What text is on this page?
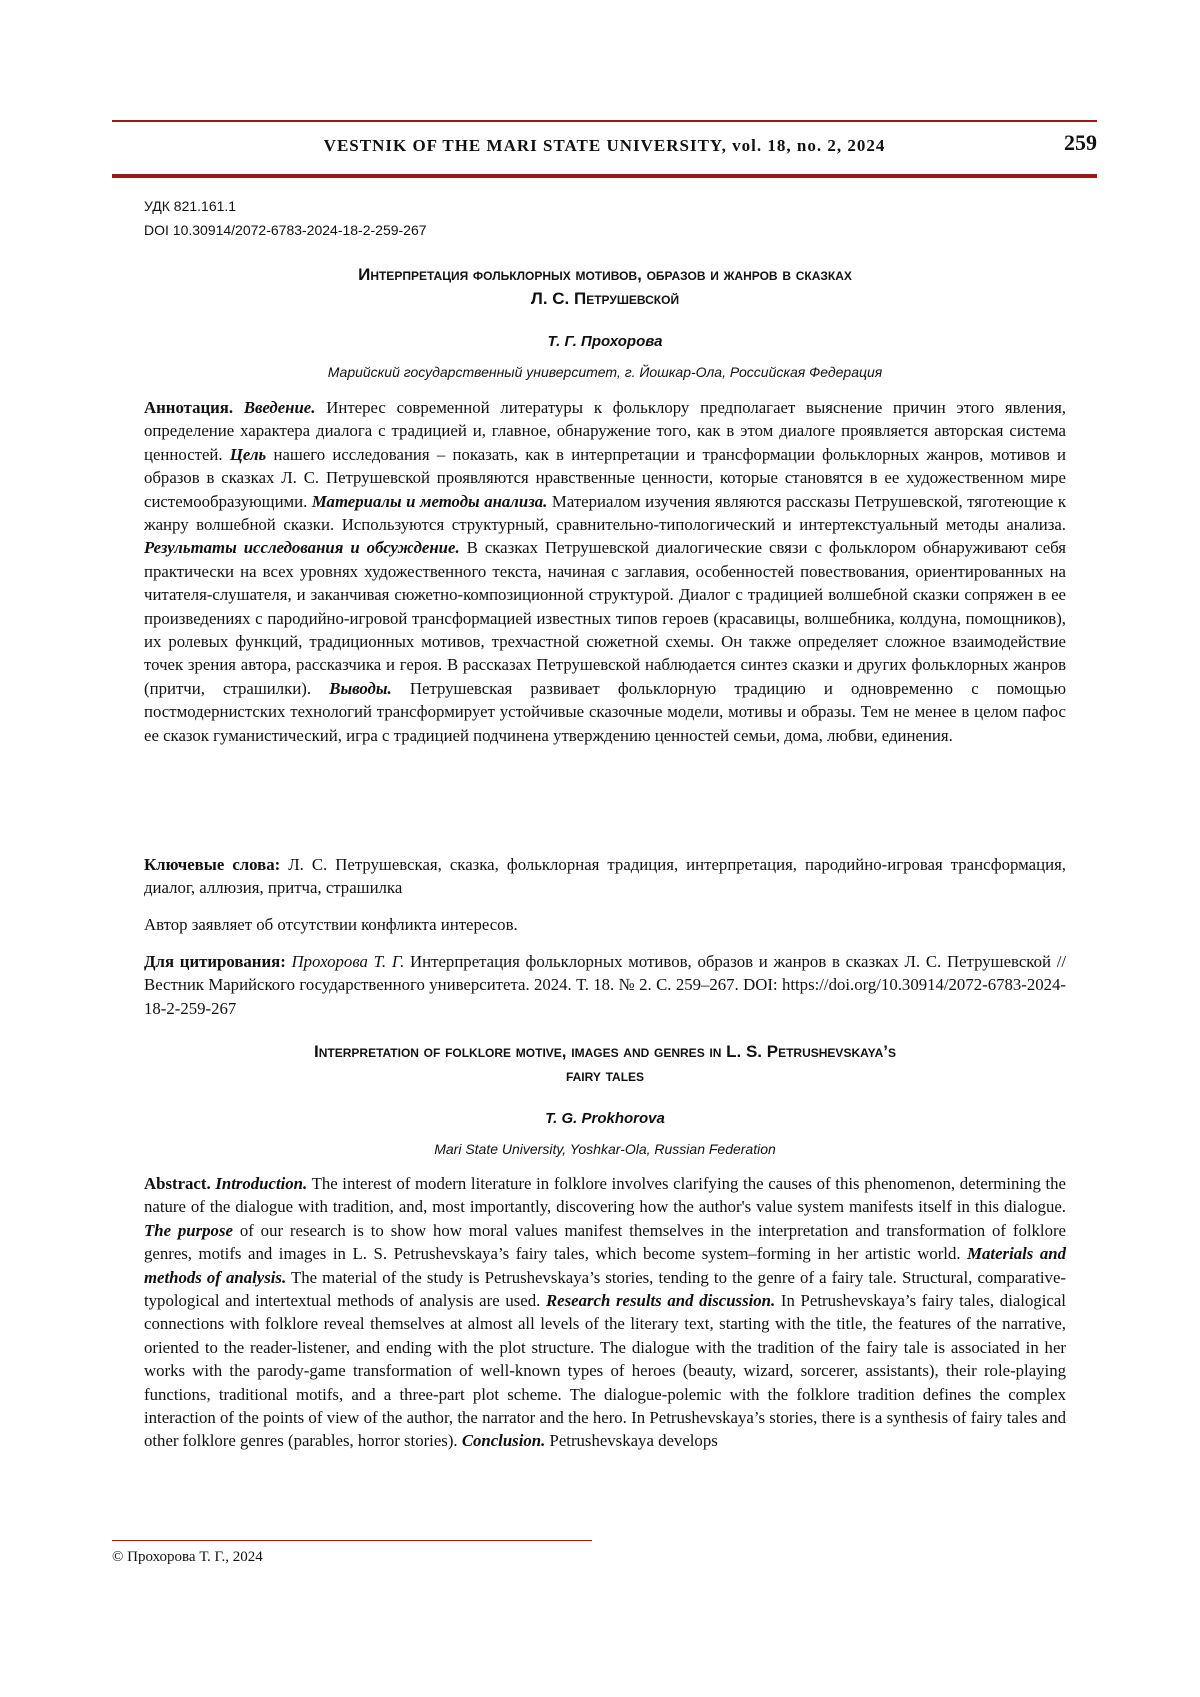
VESTNIK OF THE MARI STATE UNIVERSITY, vol. 18, no. 2, 2024	259
УДК 821.161.1
DOI 10.30914/2072-6783-2024-18-2-259-267
Интерпретация фольклорных мотивов, образов и жанров в сказках
Л. С. Петрушевской
Т. Г. Прохорова
Марийский государственный университет, г. Йошкар-Ола, Российская Федерация

Аннотация. Введение. Интерес современной литературы к фольклору предполагает выяснение причин этого явления, определение характера диалога с традицией и, главное, обнаружение того, как в этом диалоге проявляется авторская система ценностей. Цель нашего исследования – показать, как в интерпретации и трансформации фольклорных жанров, мотивов и образов в сказках Л. С. Петрушевской проявляются нравственные ценности, которые становятся в ее художественном мире системообразующими. Материалы и методы анализа. Материалом изучения являются рассказы Петрушевской, тяготеющие к жанру волшебной сказки. Используются структурный, сравнительно-типологический и интертекстуальный методы анализа. Результаты исследования и обсуждение. В сказках Петрушевской диалогические связи с фольклором обнаруживают себя практически на всех уровнях художественного текста, начиная с заглавия, особенностей повествования, ориентированных на читателя-слушателя, и заканчивая сюжетно-композиционной структурой. Диалог с традицией волшебной сказки сопряжен в ее произведениях с пародийно-игровой трансформацией известных типов героев (красавицы, волшебника, колдуна, помощников), их ролевых функций, традиционных мотивов, трехчастной сюжетной схемы. Он также определяет сложное взаимодействие точек зрения автора, рассказчика и героя. В рассказах Петрушевской наблюдается синтез сказки и других фольклорных жанров (притчи, страшилки). Выводы. Петрушевская развивает фольклорную традицию и одновременно с помощью постмодернистских технологий трансформирует устойчивые сказочные модели, мотивы и образы. Тем не менее в целом пафос ее сказок гуманистический, игра с традицией подчинена утверждению ценностей семьи, дома, любви, единения.

Ключевые слова: Л. С. Петрушевская, сказка, фольклорная традиция, интерпретация, пародийно-игровая трансформация, диалог, аллюзия, притча, страшилка

Автор заявляет об отсутствии конфликта интересов.

Для цитирования: Прохорова Т. Г. Интерпретация фольклорных мотивов, образов и жанров в сказках Л. С. Петрушевской // Вестник Марийского государственного университета. 2024. Т. 18. № 2. С. 259–267. DOI: https://doi.org/10.30914/2072-6783-2024-18-2-259-267

Interpretation of folklore motive, images and genres in L. S. Petrushevskaya’s
fairy tales
T. G. Prokhorova
Mari State University, Yoshkar-Ola, Russian Federation

Abstract. Introduction. The interest of modern literature in folklore involves clarifying the causes of this phenomenon, determining the nature of the dialogue with tradition, and, most importantly, discovering how the author's value system manifests itself in this dialogue. The purpose of our research is to show how moral values manifest themselves in the interpretation and transformation of folklore genres, motifs and images in L. S. Petrushevskaya’s fairy tales, which become system–forming in her artistic world. Materials and methods of analysis. The material of the study is Petrushevskaya’s stories, tending to the genre of a fairy tale. Structural, comparative-typological and intertextual methods of analysis are used. Research results and discussion. In Petrushevskaya’s fairy tales, dialogical connections with folklore reveal themselves at almost all levels of the literary text, starting with the title, the features of the narrative, oriented to the reader-listener, and ending with the plot structure. The dialogue with the tradition of the fairy tale is associated in her works with the parody-game transformation of well-known types of heroes (beauty, wizard, sorcerer, assistants), their role-playing functions, traditional motifs, and a three-part plot scheme. The dialogue-polemic with the folklore tradition defines the complex interaction of the points of view of the author, the narrator and the hero. In Petrushevskaya’s stories, there is a synthesis of fairy tales and other folklore genres (parables, horror stories). Conclusion. Petrushevskaya develops

© Прохорова Т. Г., 2024
